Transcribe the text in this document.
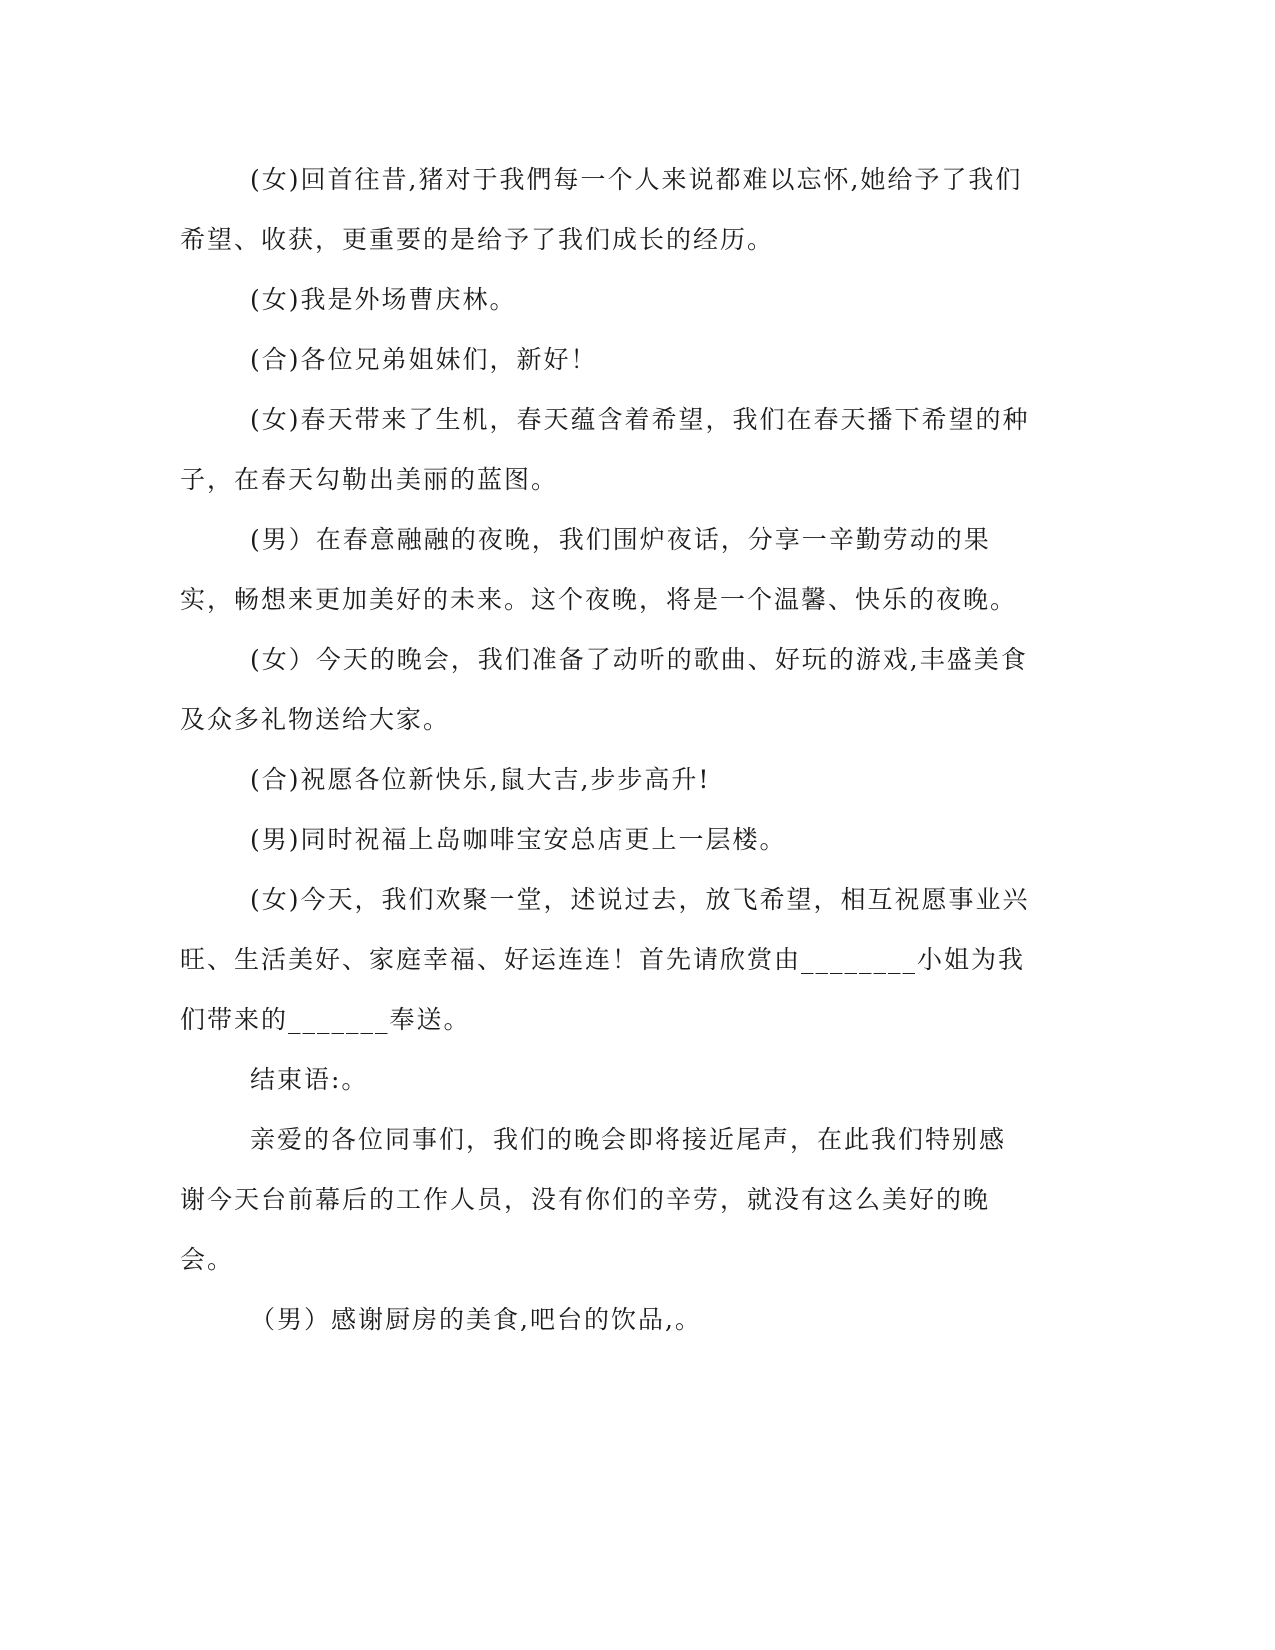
(女)回首往昔,猪对于我們每一个人来说都难以忘怀,她给予了我们希望、收获，更重要的是给予了我们成长的经历。

(女)我是外场曹庆林。

(合)各位兄弟姐妹们，新好！

(女)春天带来了生机，春天蕴含着希望，我们在春天播下希望的种子，在春天勾勒出美丽的蓝图。

(男）在春意融融的夜晚，我们围炉夜话，分享一辛勤劳动的果实，畅想来更加美好的未来。这个夜晚，将是一个温馨、快乐的夜晚。

(女）今天的晚会，我们准备了动听的歌曲、好玩的游戏,丰盛美食及众多礼物送给大家。

(合)祝愿各位新快乐,鼠大吉,步步高升!

(男)同时祝福上岛咖啡宝安总店更上一层楼。

(女)今天，我们欢聚一堂，述说过去，放飞希望，相互祝愿事业兴旺、生活美好、家庭幸福、好运连连！首先请欣赏由________小姐为我们带来的_______奉送。

结束语:。

亲爱的各位同事们，我们的晚会即将接近尾声，在此我们特别感谢今天台前幕后的工作人员，没有你们的辛劳，就没有这么美好的晚会。

（男）感谢厨房的美食,吧台的饮品,。
